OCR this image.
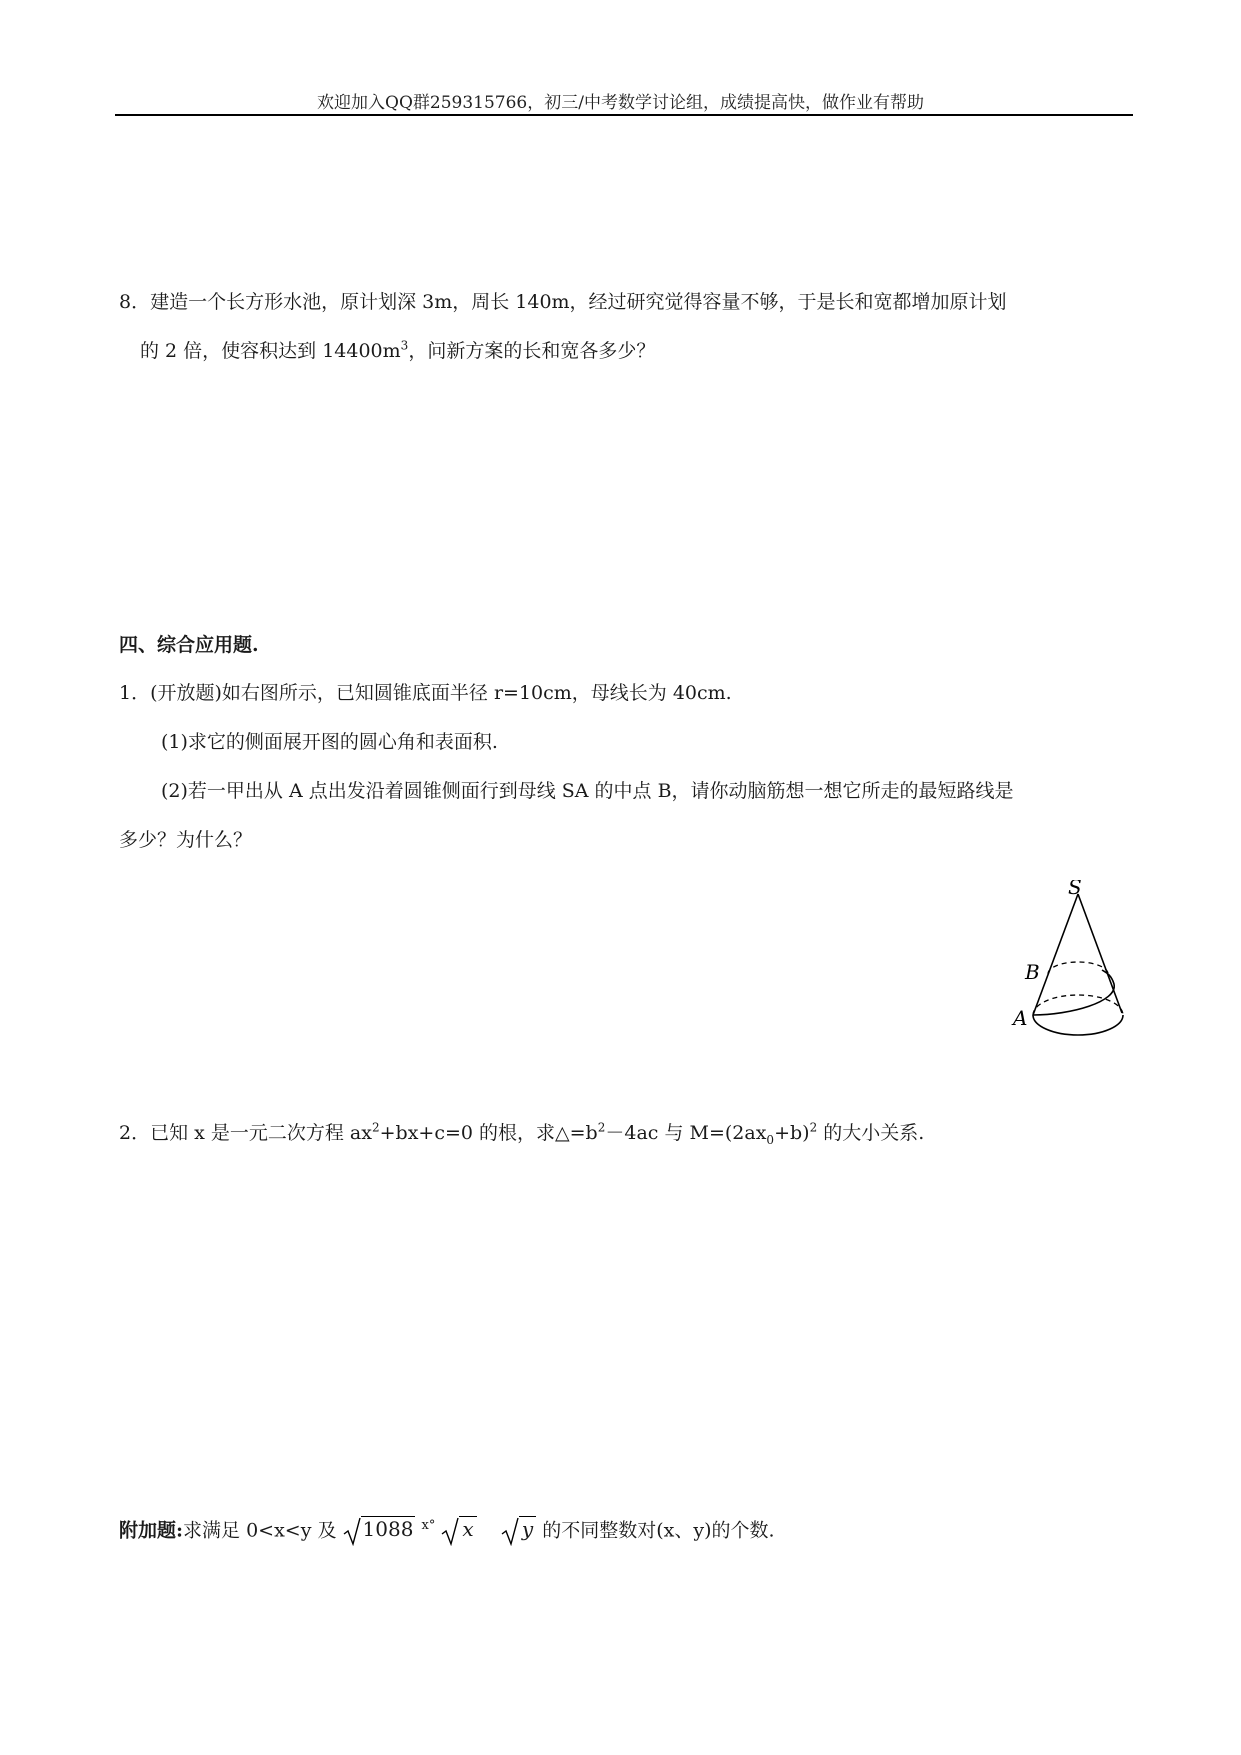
欢迎加入QQ群259315766，初三/中考数学讨论组，成绩提高快，做作业有帮助
8．建造一个长方形水池，原计划深 3m，周长 140m，经过研究觉得容量不够，于是长和宽都增加原计划
的 2 倍，使容积达到 $14400m^3$，问新方案的长和宽各多少？
四、综合应用题.
1．(开放题)如右图所示，已知圆锥底面半径 r=10cm，母线长为 40cm.
(1)求它的侧面展开图的圆心角和表面积.
(2)若一甲出从 A 点出发沿着圆锥侧面行到母线 SA 的中点 B，请你动脑筋想一想它所走的最短路线是
多少？为什么？
S
B
A
2．已知 x 是一元二次方程 $ax^2+bx+c=0$ 的根，求$\triangle=b^2-4ac$ 与 $M=(2ax_0+b)^2$ 的大小关系.
附加题:求满足 0<x<y 及 1088 $^{x^\circ}$ x y 的不同整数对(x、y)的个数.
